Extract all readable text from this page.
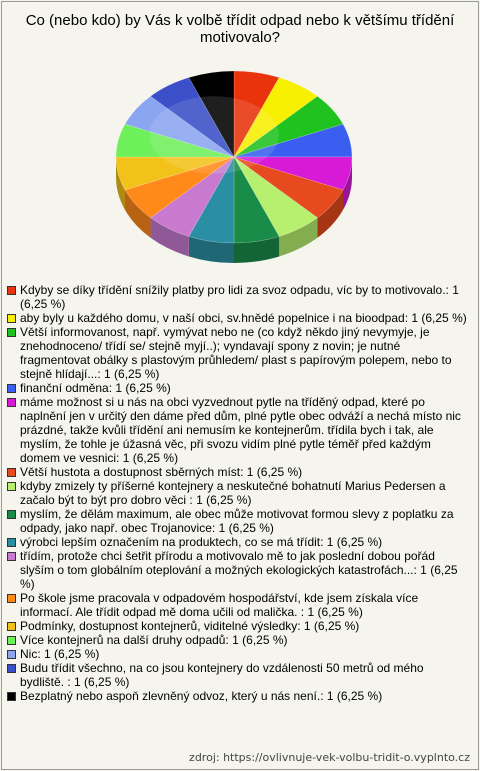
Co (nebo kdo) by Vás k volbě třídit odpad nebo k většímu třídění
motivovalo?
Kdyby se díky třídění snížily platby pro lidi za svoz odpadu, víc by to motivovalo.: 1 (6,25 %)
aby byly u každého domu, v naší obci, sv.hnědé popelnice i na bioodpad: 1 (6,25 %)
Větší informovanost, např. vymývat nebo ne (co když někdo jiný nevymyje, je znehodnoceno/ třídí se/ stejně myjí..); vyndavají spony z novin; je nutné fragmentovat obálky s plastovým průhledem/ plast s papírovým polepem, nebo to stejně hlídají...: 1 (6,25 %)
finanční odměna: 1 (6,25 %)
máme možnost si u nás na obci vyzvednout pytle na tříděný odpad, které po naplnění jen v určitý den dáme před dům, plné pytle obec odváží a nechá místo nic prázdné, takže kvůli třídění ani nemusím ke kontejnerům. třídila bych i tak, ale myslím, že tohle je úžasná věc, při svozu vidím plné pytle téměř před každým domem ve vesnici: 1 (6,25 %)
Větší hustota a dostupnost sběrných míst: 1 (6,25 %)
kdyby zmizely ty příšerné kontejnery a neskutečné bohatnutí Marius Pedersen a začalo být to být pro dobro věci : 1 (6,25 %)
myslím, že dělám maximum, ale obec může motivovat formou slevy z poplatku za odpady, jako např. obec Trojanovice: 1 (6,25 %)
výrobci lepším označením na produktech, co se má třídit: 1 (6,25 %)
třídím, protože chci šetřit přírodu a motivovalo mě to jak poslední dobou pořád slyším o tom globálním oteplování a možných ekologických katastrofách...: 1 (6,25 %)
Po škole jsme pracovala v odpadovém hospodářství, kde jsem získala více informací. Ale třídit odpad mě doma učili od malička. : 1 (6,25 %)
Podmínky, dostupnost kontejnerů, viditelné výsledky: 1 (6,25 %)
Více kontejnerů na další druhy odpadů: 1 (6,25 %)
Nic: 1 (6,25 %)
Budu třídit všechno, na co jsou kontejnery do vzdálenosti 50 metrů od mého bydliště. : 1 (6,25 %)
Bezplatný nebo aspoň zlevněný odvoz, který u nás není.: 1 (6,25 %)
zdroj: https://ovlivnuje-vek-volbu-tridit-o.vyplnto.cz
